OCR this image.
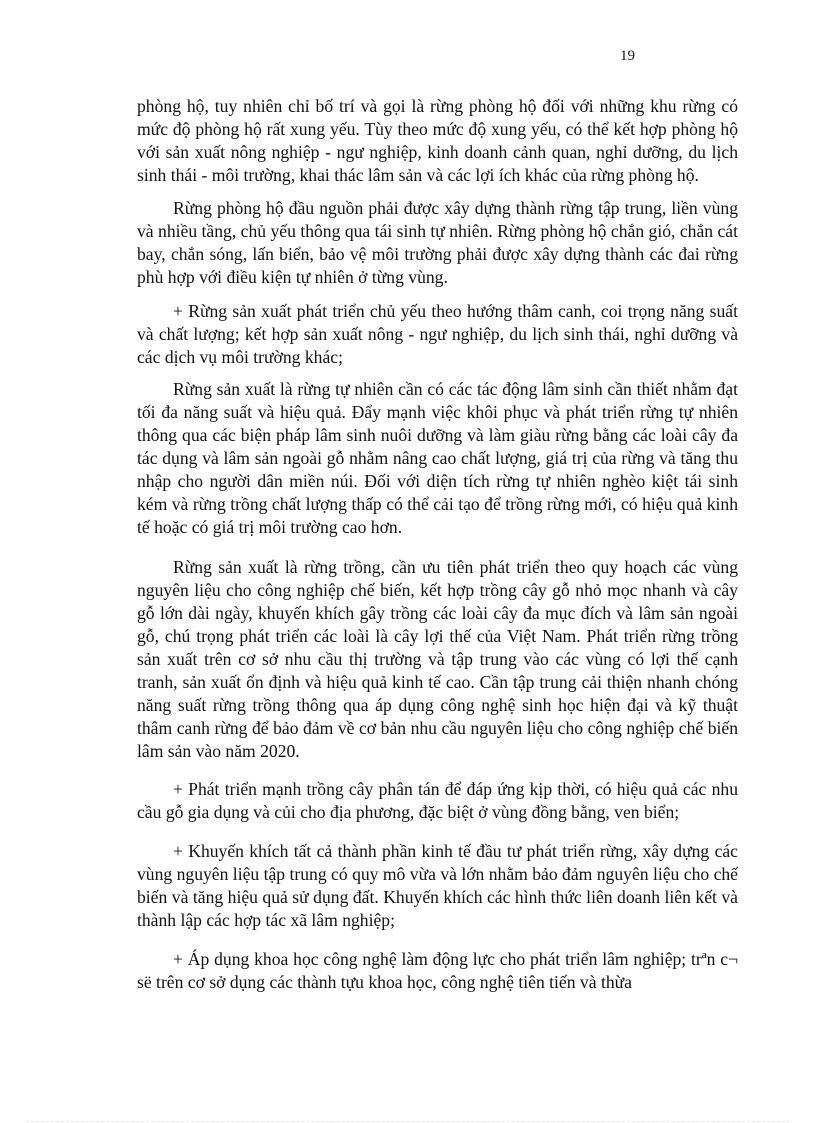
19

phòng hộ, tuy nhiên chỉ bố trí và gọi là rừng phòng hộ đối với những khu rừng có mức độ phòng hộ rất xung yếu. Tùy theo mức độ xung yếu, có thể kết hợp phòng hộ với sản xuất nông nghiệp - ngư nghiệp, kinh doanh cảnh quan, nghỉ dưỡng, du lịch sinh thái - môi trường, khai thác lâm sản và các lợi ích khác của rừng phòng hộ.

Rừng phòng hộ đầu nguồn phải được xây dựng thành rừng tập trung, liền vùng và nhiều tầng, chủ yếu thông qua tái sinh tự nhiên. Rừng phòng hộ chắn gió, chắn cát bay, chắn sóng, lấn biển, bảo vệ môi trường phải được xây dựng thành các đai rừng phù hợp với điều kiện tự nhiên ở từng vùng.

+ Rừng sản xuất phát triển chủ yếu theo hướng thâm canh, coi trọng năng suất và chất lượng; kết hợp sản xuất nông - ngư nghiệp, du lịch sinh thái, nghỉ dưỡng và các dịch vụ môi trường khác;

Rừng sản xuất là rừng tự nhiên cần có các tác động lâm sinh cần thiết nhằm đạt tối đa năng suất và hiệu quả. Đẩy mạnh việc khôi phục và phát triển rừng tự nhiên thông qua các biện pháp lâm sinh nuôi dưỡng và làm giàu rừng bằng các loài cây đa tác dụng và lâm sản ngoài gỗ nhằm nâng cao chất lượng, giá trị của rừng và tăng thu nhập cho người dân miền núi. Đối với diện tích rừng tự nhiên nghèo kiệt tái sinh kém và rừng trồng chất lượng thấp có thể cải tạo để trồng rừng mới, có hiệu quả kinh tế hoặc có giá trị môi trường cao hơn.

Rừng sản xuất là rừng trồng, cần ưu tiên phát triển theo quy hoạch các vùng nguyên liệu cho công nghiệp chế biến, kết hợp trồng cây gỗ nhỏ mọc nhanh và cây gỗ lớn dài ngày, khuyến khích gây trồng các loài cây đa mục đích và lâm sản ngoài gỗ, chú trọng phát triển các loài là cây lợi thế của Việt Nam. Phát triển rừng trồng sản xuất trên cơ sở nhu cầu thị trường và tập trung vào các vùng có lợi thế cạnh tranh, sản xuất ổn định và hiệu quả kinh tế cao. Cần tập trung cải thiện nhanh chóng năng suất rừng trồng thông qua áp dụng công nghệ sinh học hiện đại và kỹ thuật thâm canh rừng để bảo đảm về cơ bản nhu cầu nguyên liệu cho công nghiệp chế biến lâm sản vào năm 2020.

+ Phát triển mạnh trồng cây phân tán để đáp ứng kịp thời, có hiệu quả các nhu cầu gỗ gia dụng và củi cho địa phương, đặc biệt ở vùng đồng bằng, ven biển;

+ Khuyến khích tất cả thành phần kinh tế đầu tư phát triển rừng, xây dựng các vùng nguyên liệu tập trung có quy mô vừa và lớn nhằm bảo đảm nguyên liệu cho chế biến và tăng hiệu quả sử dụng đất. Khuyến khích các hình thức liên doanh liên kết và thành lập các hợp tác xã lâm nghiệp;

+ Áp dụng khoa học công nghệ làm động lực cho phát triển lâm nghiệp; trªn c¬ së trên cơ sở dụng các thành tựu khoa học, công nghệ tiên tiến và thừa
